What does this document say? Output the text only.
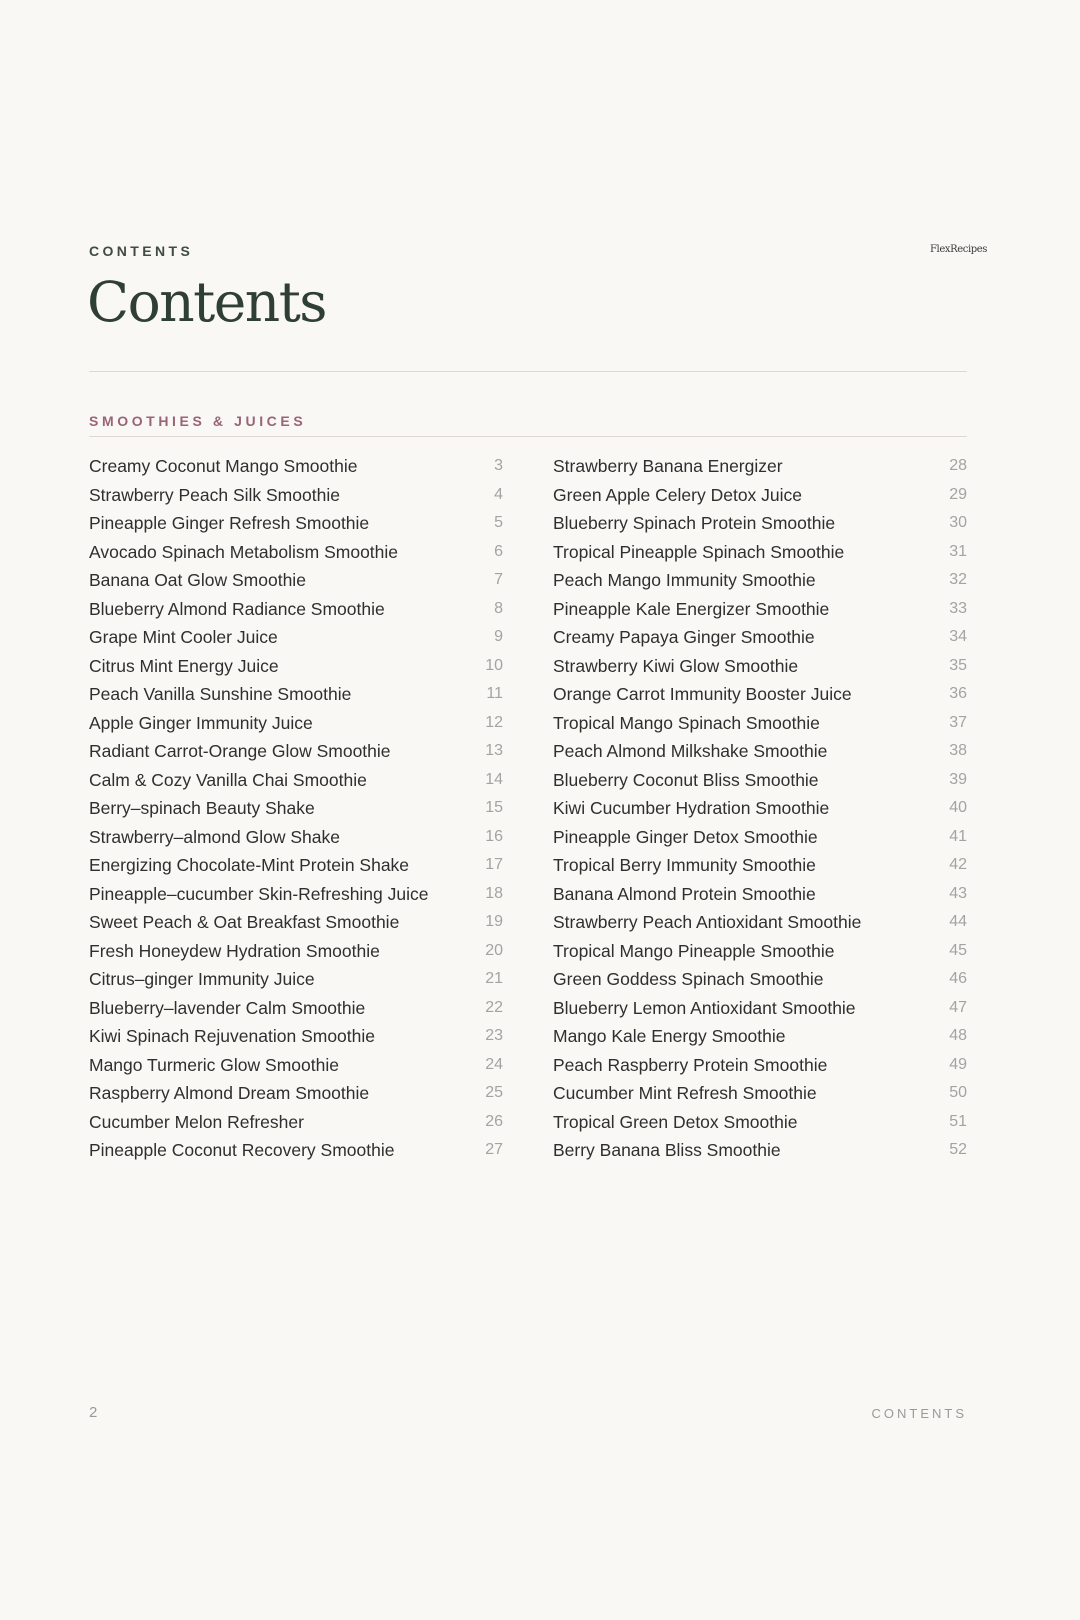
CONTENTS	FlexRecipes
Contents
SMOOTHIES & JUICES
Creamy Coconut Mango Smoothie	3
Strawberry Peach Silk Smoothie	4
Pineapple Ginger Refresh Smoothie	5
Avocado Spinach Metabolism Smoothie	6
Banana Oat Glow Smoothie	7
Blueberry Almond Radiance Smoothie	8
Grape Mint Cooler Juice	9
Citrus Mint Energy Juice	10
Peach Vanilla Sunshine Smoothie	11
Apple Ginger Immunity Juice	12
Radiant Carrot-Orange Glow Smoothie	13
Calm & Cozy Vanilla Chai Smoothie	14
Berry–spinach Beauty Shake	15
Strawberry–almond Glow Shake	16
Energizing Chocolate-Mint Protein Shake	17
Pineapple–cucumber Skin-Refreshing Juice	18
Sweet Peach & Oat Breakfast Smoothie	19
Fresh Honeydew Hydration Smoothie	20
Citrus–ginger Immunity Juice	21
Blueberry–lavender Calm Smoothie	22
Kiwi Spinach Rejuvenation Smoothie	23
Mango Turmeric Glow Smoothie	24
Raspberry Almond Dream Smoothie	25
Cucumber Melon Refresher	26
Pineapple Coconut Recovery Smoothie	27
Strawberry Banana Energizer	28
Green Apple Celery Detox Juice	29
Blueberry Spinach Protein Smoothie	30
Tropical Pineapple Spinach Smoothie	31
Peach Mango Immunity Smoothie	32
Pineapple Kale Energizer Smoothie	33
Creamy Papaya Ginger Smoothie	34
Strawberry Kiwi Glow Smoothie	35
Orange Carrot Immunity Booster Juice	36
Tropical Mango Spinach Smoothie	37
Peach Almond Milkshake Smoothie	38
Blueberry Coconut Bliss Smoothie	39
Kiwi Cucumber Hydration Smoothie	40
Pineapple Ginger Detox Smoothie	41
Tropical Berry Immunity Smoothie	42
Banana Almond Protein Smoothie	43
Strawberry Peach Antioxidant Smoothie	44
Tropical Mango Pineapple Smoothie	45
Green Goddess Spinach Smoothie	46
Blueberry Lemon Antioxidant Smoothie	47
Mango Kale Energy Smoothie	48
Peach Raspberry Protein Smoothie	49
Cucumber Mint Refresh Smoothie	50
Tropical Green Detox Smoothie	51
Berry Banana Bliss Smoothie	52
2	CONTENTS
